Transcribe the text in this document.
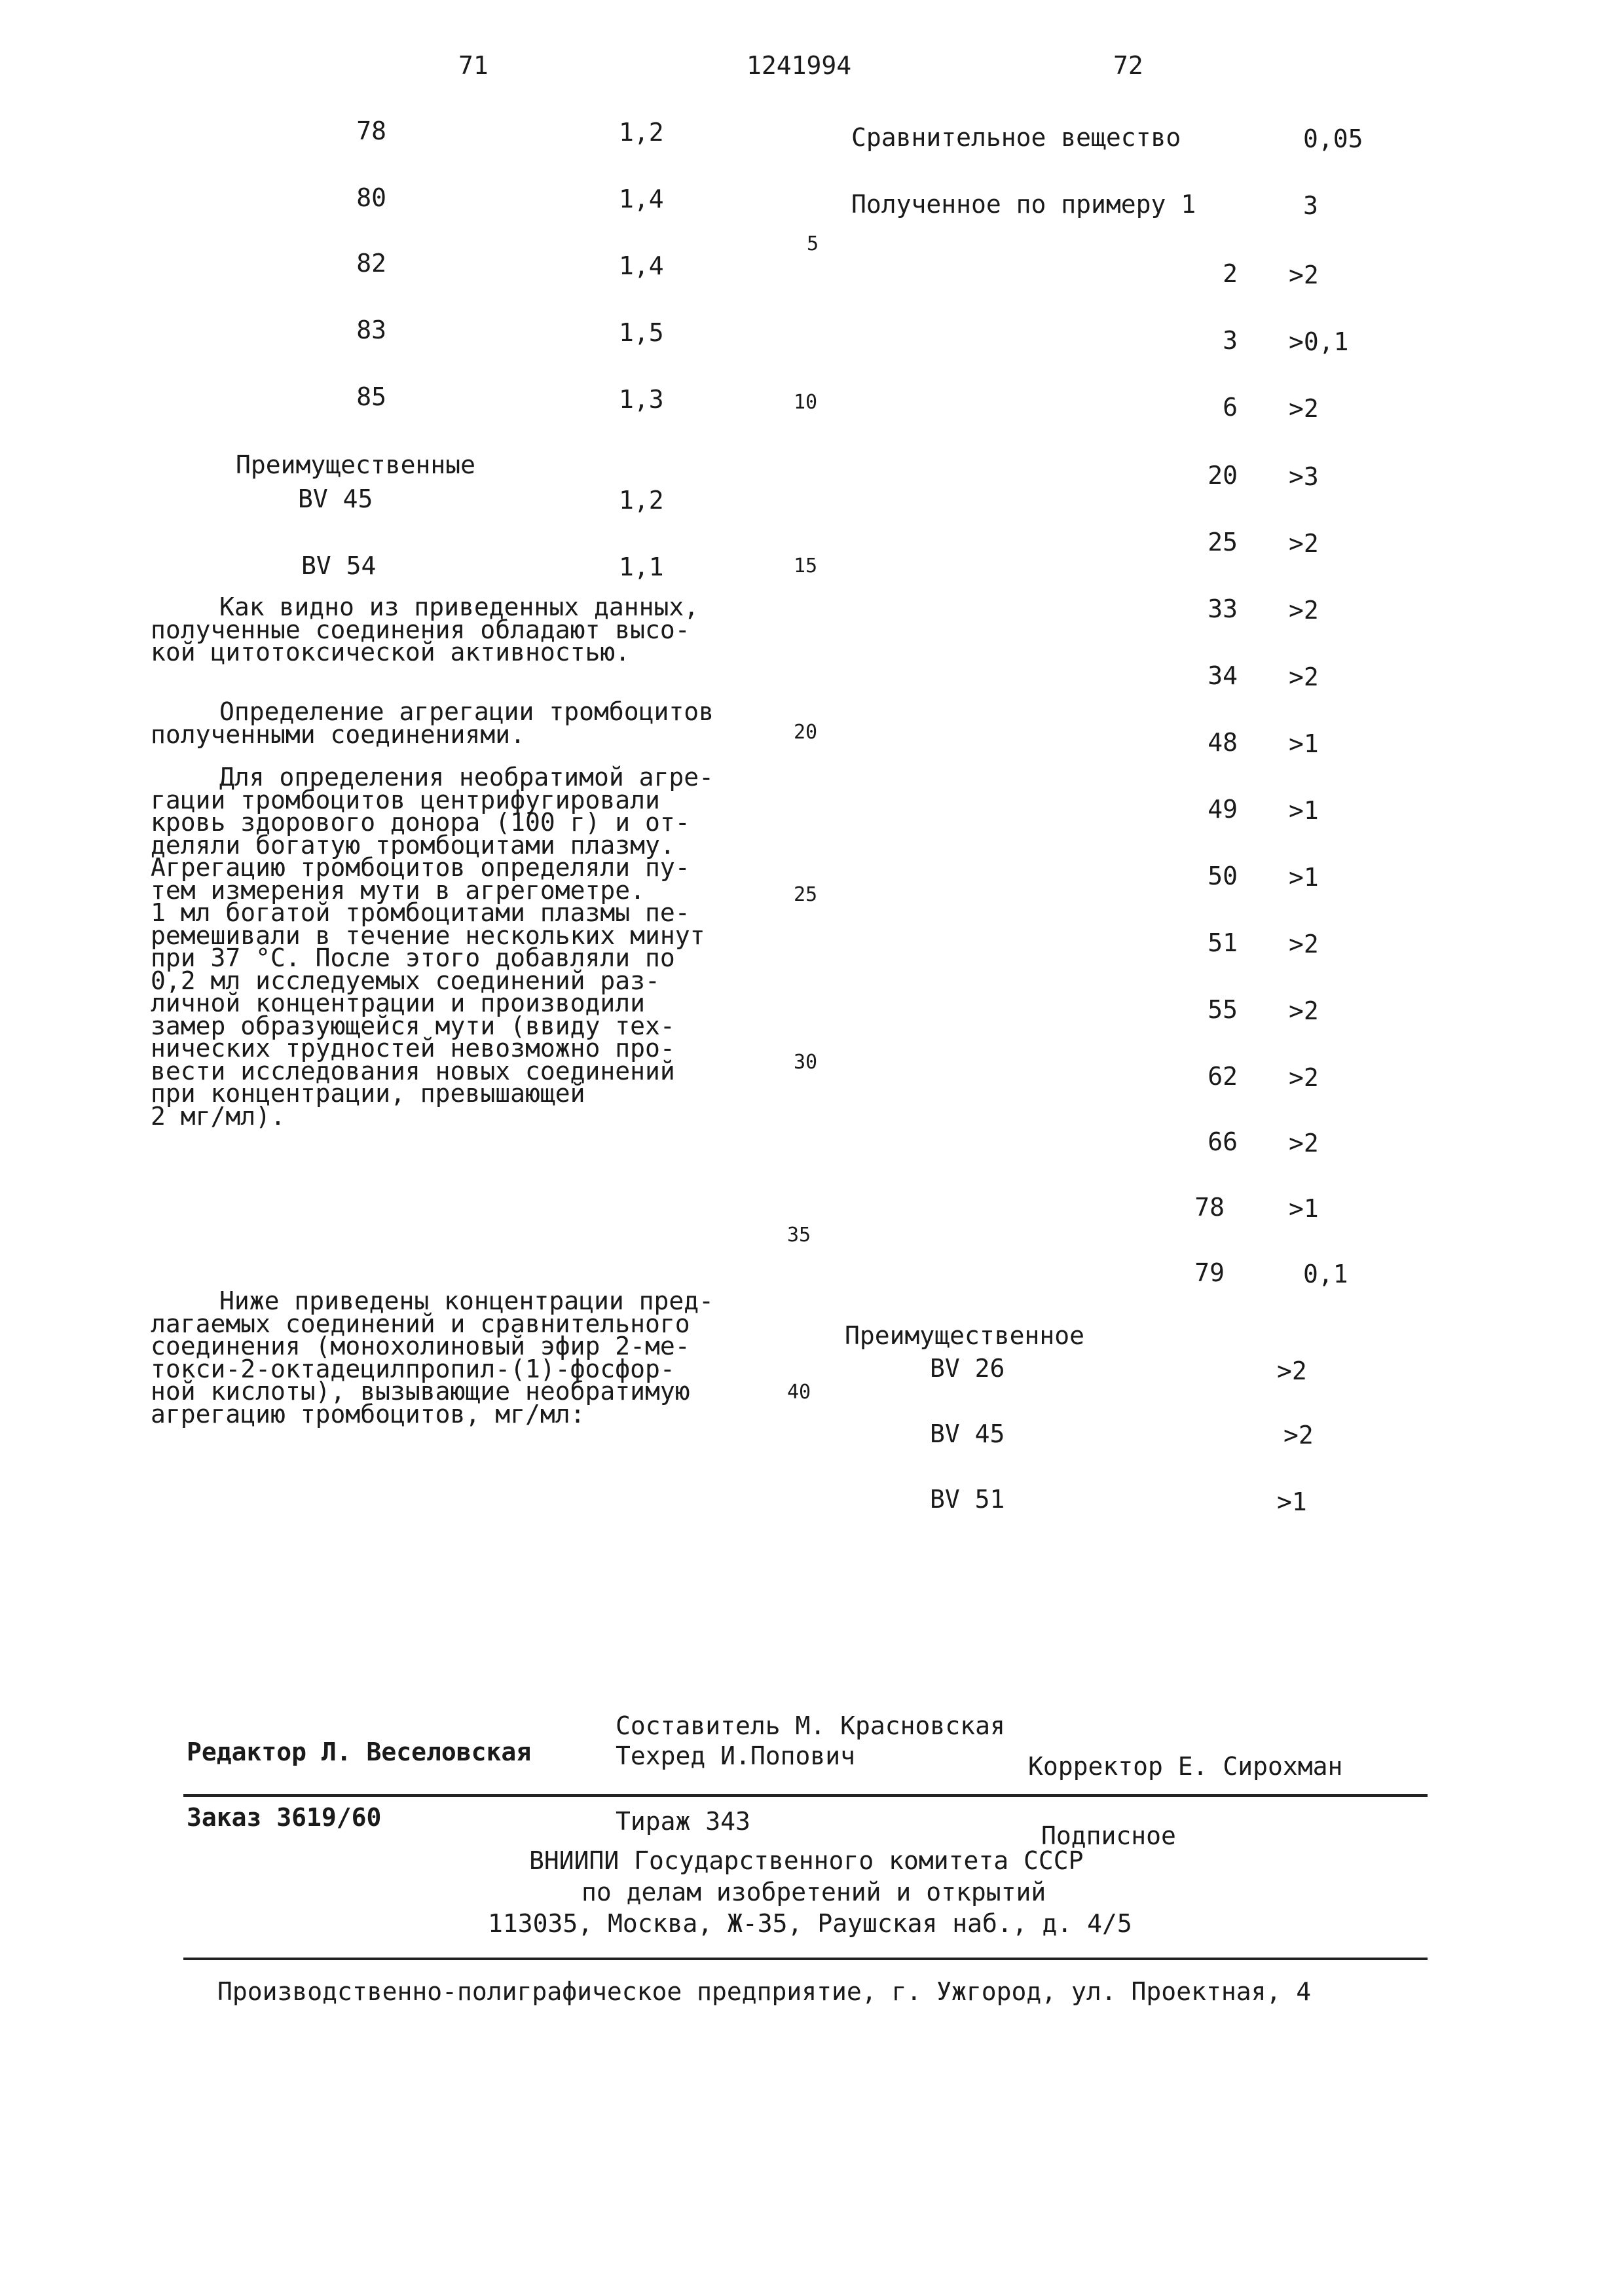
71	1241994	72
78	1,2
80	1,4
82	1,4
83	1,5
85	1,3
Преимущественные
BV 45	1,2
BV 54	1,1
5
10
15
20
25
30
35
40
Как видно из приведенных данных,
полученные соединения обладают высо-
кой цитотоксической активностью.
Определение агрегации тромбоцитов
полученными соединениями.
Для определения необратимой агре-
гации тромбоцитов центрифугировали
кровь здорового донора (100 г) и от-
деляли богатую тромбоцитами плазму.
Агрегацию тромбоцитов определяли пу-
тем измерения мути в агрегометре.
1 мл богатой тромбоцитами плазмы пе-
ремешивали в течение нескольких минут
при 37 °С. После этого добавляли по
0,2 мл исследуемых соединений раз-
личной концентрации и производили
замер образующейся мути (ввиду тех-
нических трудностей невозможно про-
вести исследования новых соединений
при концентрации, превышающей
2 мг/мл).
Ниже приведены концентрации пред-
лагаемых соединений и сравнительного
соединения (монохолиновый эфир 2-ме-
токси-2-октадецилпропил-(1)-фосфор-
ной кислоты), вызывающие необратимую
агрегацию тромбоцитов, мг/мл:
Сравнительное вещество	0,05
Полученное по примеру 1	3
2 >2
3 >0,1
6 >2
20 >3
25 >2
33 >2
34 >2
48 >1
49 >1
50 >1
51 >2
55 >2
62 >2
66 >2
78	>1
79	0,1
Преимущественное
BV 26	>2
BV 45	>2
BV 51	>1
Составитель М. Красновская
Редактор Л. Веселовская	Техред И.Попович	Корректор Е. Сирохман
Заказ 3619/60	Тираж 343	Подписное
ВНИИПИ Государственного комитета СССР
по делам изобретений и открытий
113035, Москва, Ж-35, Раушская наб., д. 4/5
Производственно-полиграфическое предприятие, г. Ужгород, ул. Проектная, 4
